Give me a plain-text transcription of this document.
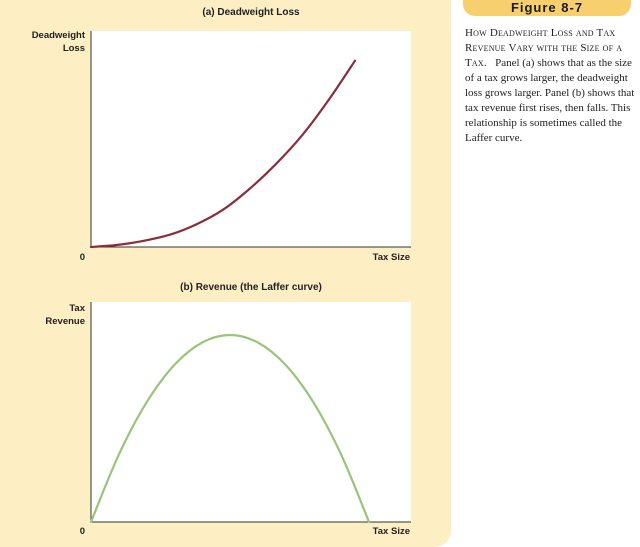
(a) Deadweight Loss
Deadweight
Loss
0	Tax Size
(b) Revenue (the Laffer curve)
Tax
Revenue
0	Tax Size
Figure 8-7
How Deadweight Loss and Tax Revenue Vary with the Size of a Tax. Panel (a) shows that as the size of a tax grows larger, the deadweight loss grows larger. Panel (b) shows that tax revenue first rises, then falls. This relationship is sometimes called the Laffer curve.
